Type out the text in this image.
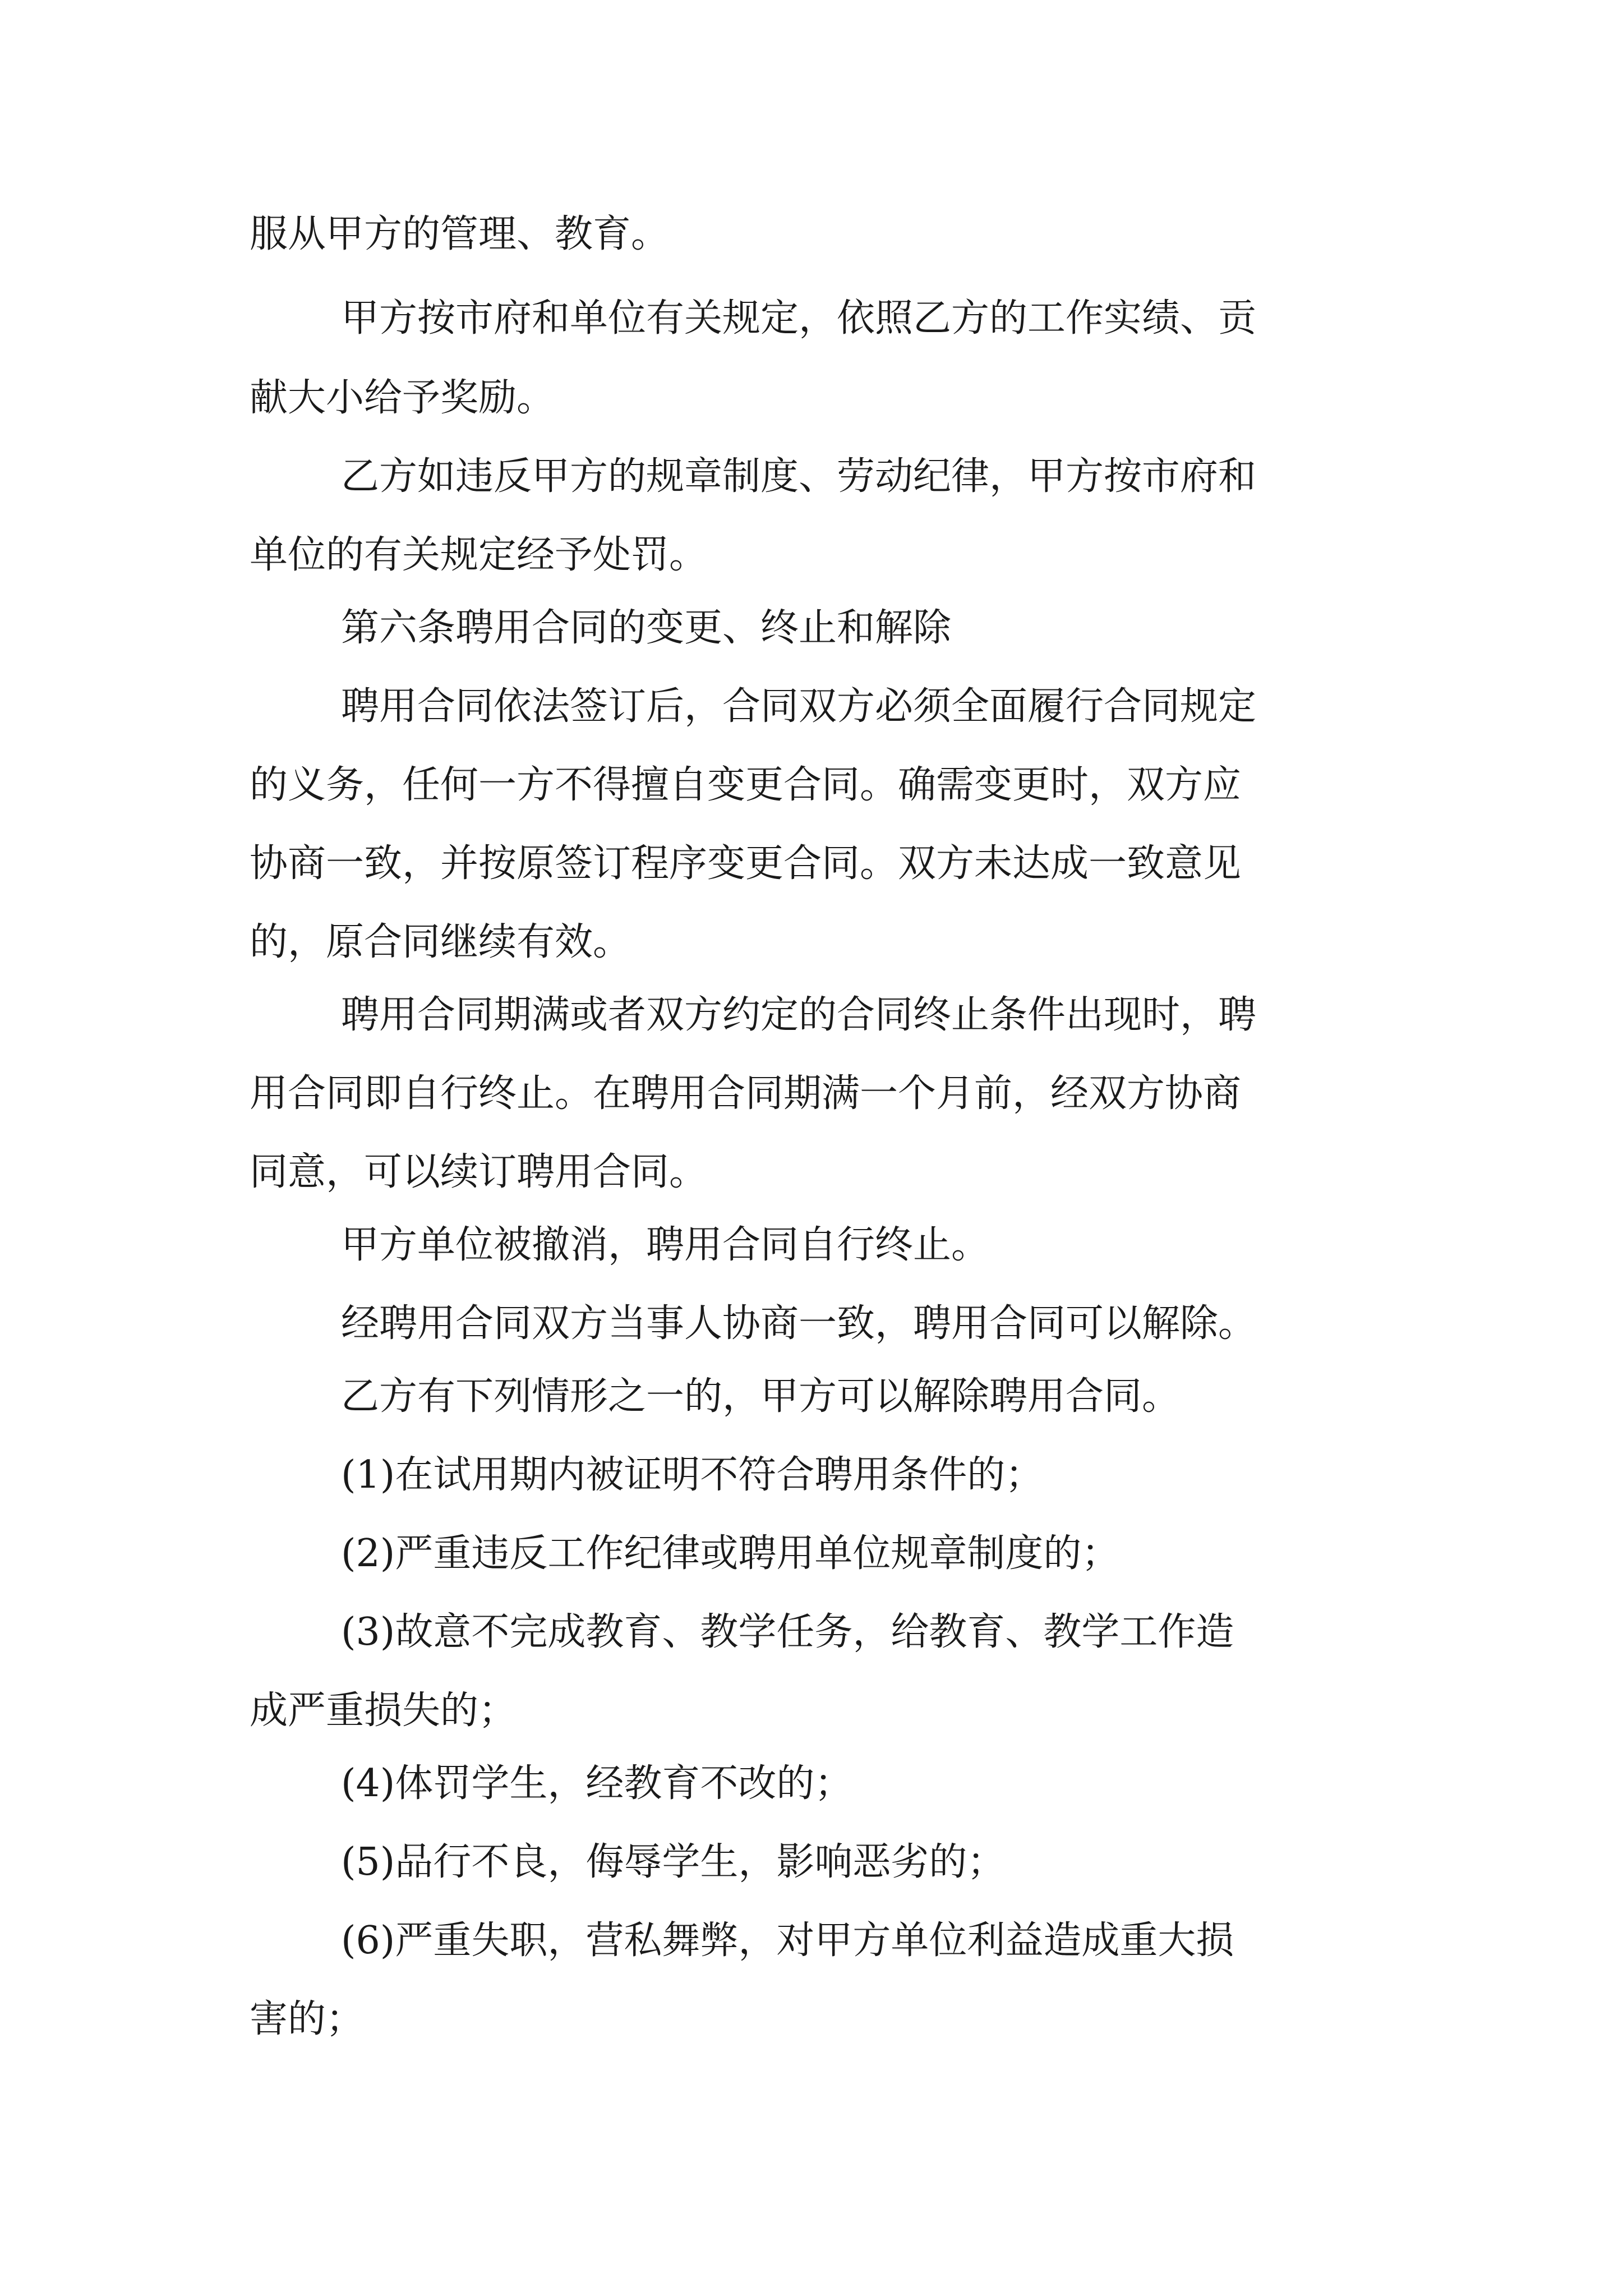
服从甲方的管理、教育。

甲方按市府和单位有关规定，依照乙方的工作实绩、贡

献大小给予奖励。

乙方如违反甲方的规章制度、劳动纪律，甲方按市府和

单位的有关规定经予处罚。

第六条聘用合同的变更、终止和解除

聘用合同依法签订后，合同双方必须全面履行合同规定

的义务，任何一方不得擅自变更合同。确需变更时，双方应

协商一致，并按原签订程序变更合同。双方未达成一致意见

的，原合同继续有效。

聘用合同期满或者双方约定的合同终止条件出现时，聘

用合同即自行终止。在聘用合同期满一个月前，经双方协商

同意，可以续订聘用合同。

甲方单位被撤消，聘用合同自行终止。

经聘用合同双方当事人协商一致，聘用合同可以解除。

乙方有下列情形之一的，甲方可以解除聘用合同。

(1)在试用期内被证明不符合聘用条件的；

(2)严重违反工作纪律或聘用单位规章制度的；

(3)故意不完成教育、教学任务，给教育、教学工作造

成严重损失的；

(4)体罚学生，经教育不改的；

(5)品行不良，侮辱学生，影响恶劣的；

(6)严重失职，营私舞弊，对甲方单位利益造成重大损

害的；
